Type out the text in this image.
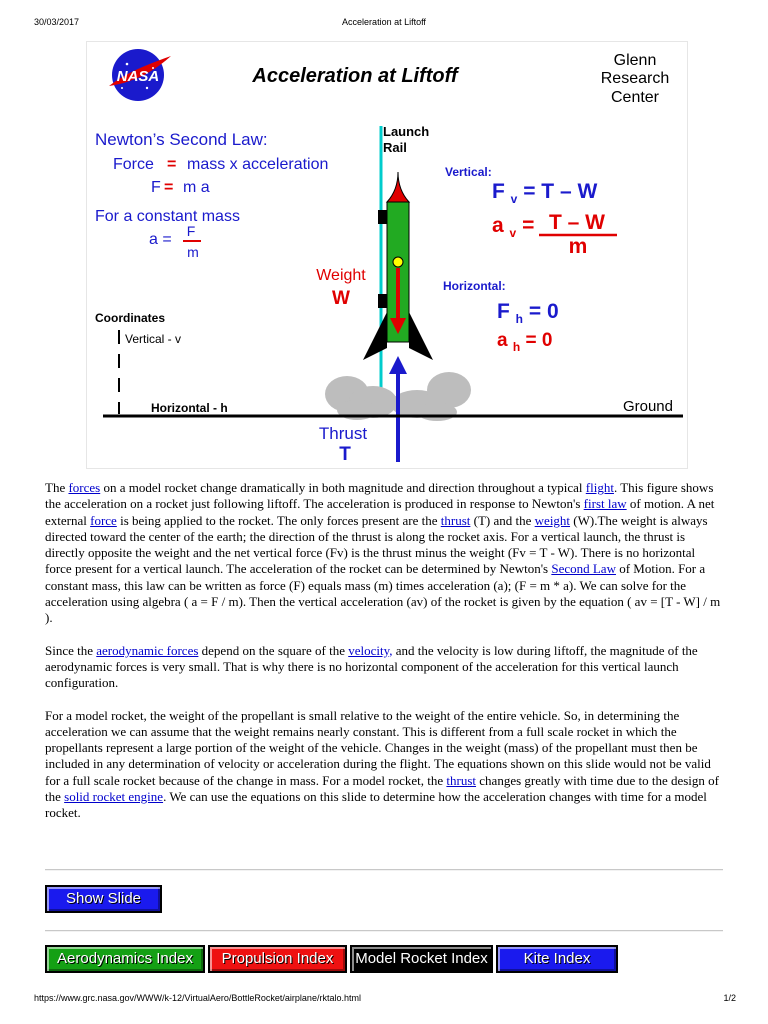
30/03/2017	Acceleration at Liftoff
NASA	Acceleration at Liftoff
Glenn
Research
Center
Newton’s Second Law:
Force = mass x acceleration
F = m a
For a constant mass
a = F
m
Launch
Rail
Weight
W
Vertical:
F $_v$ = T – W
a $_v$ = T – W
m
Horizontal:
F $_h$ = 0
a $_h$ = 0
Coordinates
Vertical - v
Horizontal - h	Ground
Thrust
T

The forces on a model rocket change dramatically in both magnitude and direction throughout a typical flight. This figure shows the acceleration on a rocket just following liftoff. The acceleration is produced in response to Newton's first law of motion. A net external force is being applied to the rocket. The only forces present are the thrust (T) and the weight (W).The weight is always directed toward the center of the earth; the direction of the thrust is along the rocket axis. For a vertical launch, the thrust is directly opposite the weight and the net vertical force (Fv) is the thrust minus the weight (Fv = T - W). There is no horizontal force present for a vertical launch. The acceleration of the rocket can be determined by Newton's Second Law of Motion. For a constant mass, this law can be written as force (F) equals mass (m) times acceleration (a); (F = m * a). We can solve for the acceleration using algebra ( a = F / m). Then the vertical acceleration (av) of the rocket is given by the equation ( av = [T - W] / m ).

Since the aerodynamic forces depend on the square of the velocity, and the velocity is low during liftoff, the magnitude of the aerodynamic forces is very small. That is why there is no horizontal component of the acceleration for this vertical launch configuration.

For a model rocket, the weight of the propellant is small relative to the weight of the entire vehicle. So, in determining the acceleration we can assume that the weight remains nearly constant. This is different from a full scale rocket in which the propellants represent a large portion of the weight of the vehicle. Changes in the weight (mass) of the propellant must then be included in any determination of velocity or acceleration during the flight. The equations shown on this slide would not be valid for a full scale rocket because of the change in mass. For a model rocket, the thrust changes greatly with time due to the design of the solid rocket engine. We can use the equations on this slide to determine how the acceleration changes with time for a model rocket.

Show Slide
Aerodynamics Index	Propulsion Index	Model Rocket Index	Kite Index
https://www.grc.nasa.gov/WWW/k-12/VirtualAero/BottleRocket/airplane/rktalo.html	1/2
